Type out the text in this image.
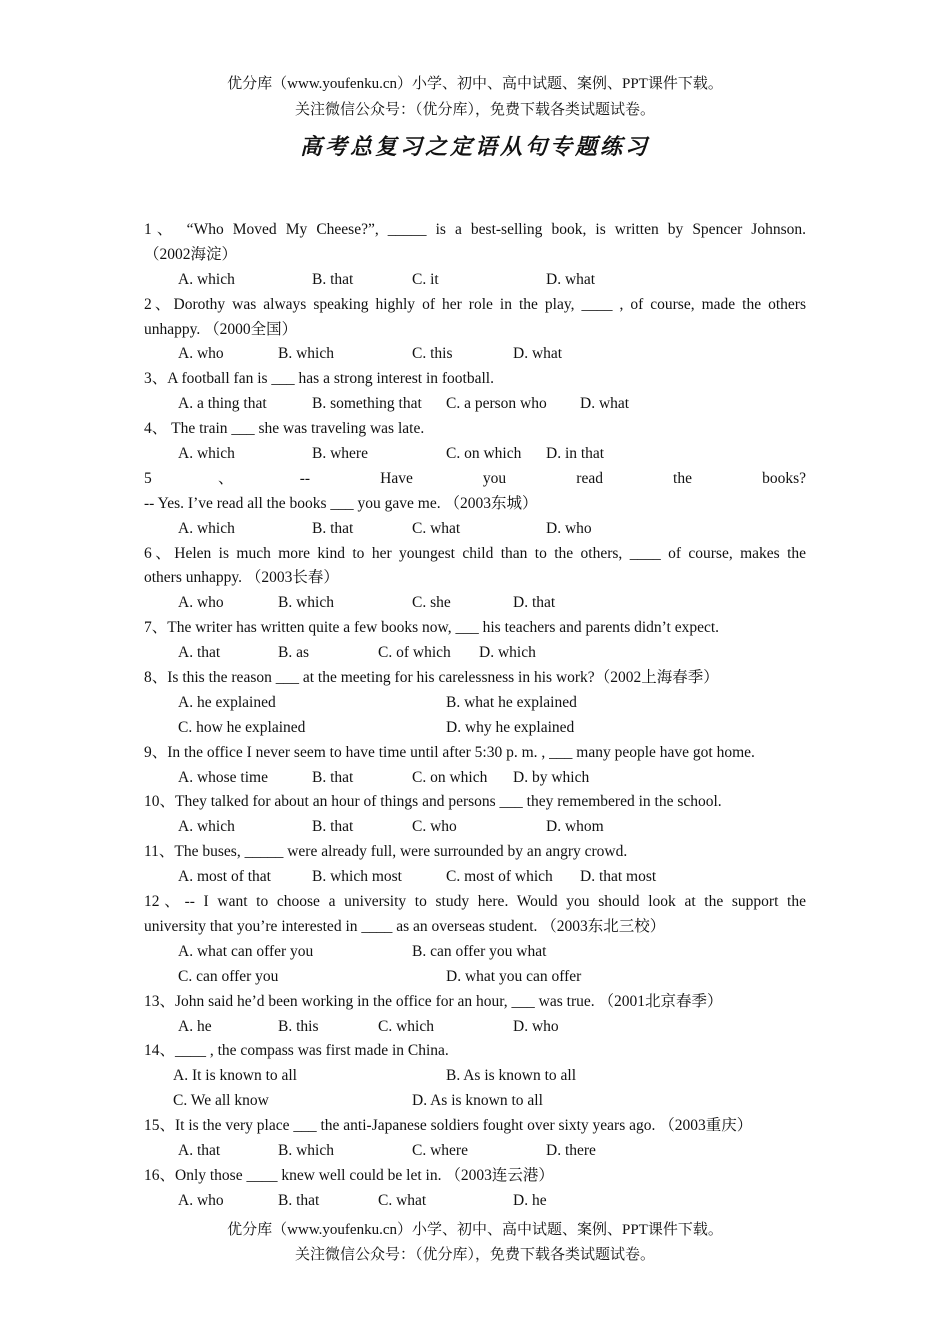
优分库（www.youfenku.cn）小学、初中、高中试题、案例、PPT课件下载。
关注微信公众号：（优分库），免费下载各类试题试卷。
高考总复习之定语从句专题练习
1、 “Who Moved My Cheese?”, _____ is a best-selling book, is written by Spencer Johnson.
（2002海淀）
A. which	B. that	C. it	D. what
2、Dorothy was always speaking highly of her role in the play, ____ , of course, made the others
unhappy. （2000全国）
A. who	B. which	C. this	D. what
3、A football fan is ___ has a strong interest in football.
A. a thing that	B. something that C. a person who D. what
4、 The train ___ she was traveling was late.
A. which	B. where	C. on which D. in that
5、-- Have you read the books?
-- Yes. I’ve read all the books ___ you gave me. （2003东城）
A. which	B. that	C. what	D. who
6、Helen is much more kind to her youngest child than to the others, ____ of course, makes the
others unhappy. （2003长春）
A. who	B. which	C. she	D. that
7、The writer has written quite a few books now, ___ his teachers and parents didn’t expect.
A. that	B. as	C. of which D. which
8、Is this the reason ___ at the meeting for his carelessness in his work?（2002上海春季）
A. he explained	B. what he explained
C. how he explained	D. why he explained
9、In the office I never seem to have time until after 5:30 p. m. , ___ many people have got home.
A. whose time	B. that	C. on which D. by which
10、They talked for about an hour of things and persons ___ they remembered in the school.
A. which	B. that	C. who	D. whom
11、The buses, _____ were already full, were surrounded by an angry crowd.
A. most of that	B. which most	C. most of which D. that most
12、-- I want to choose a university to study here. Would you should look at the support the
university that you’re interested in ____ as an overseas student. （2003东北三校）
A. what can offer you	B. can offer you what
C. can offer you	D. what you can offer
13、John said he’d been working in the office for an hour, ___ was true. （2001北京春季）
A. he	B. this	C. which	D. who
14、____ , the compass was first made in China.
A. It is known to all	B. As is known to all
C. We all know	D. As is known to all
15、It is the very place ___ the anti-Japanese soldiers fought over sixty years ago. （2003重庆）
A. that	B. which	C. where	D. there
16、Only those ____ knew well could be let in. （2003连云港）
A. who	B. that	C. what	D. he
优分库（www.youfenku.cn）小学、初中、高中试题、案例、PPT课件下载。
关注微信公众号：（优分库），免费下载各类试题试卷。
